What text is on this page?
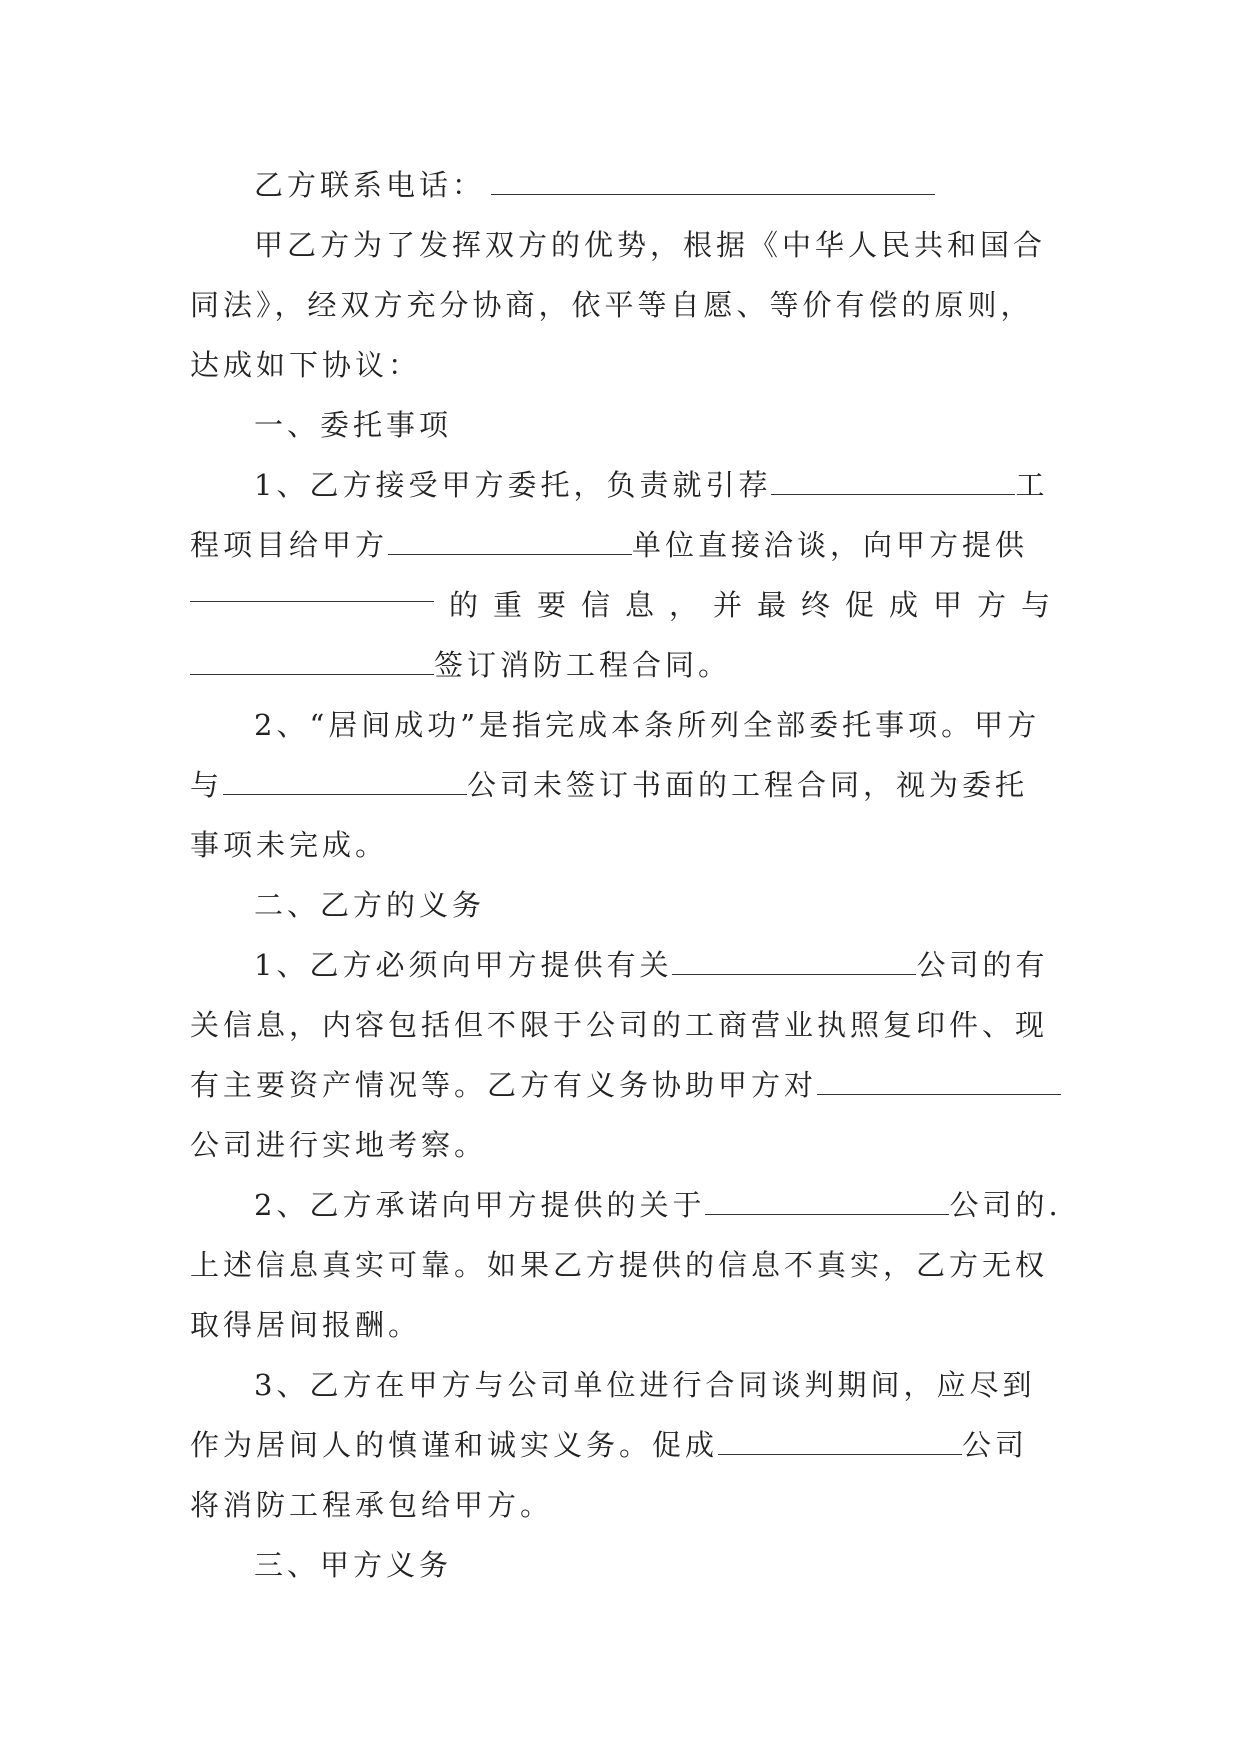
乙方联系电话：
甲乙方为了发挥双方的优势，根据《中华人民共和国合
同法》，经双方充分协商，依平等自愿、等价有偿的原则，
达成如下协议：
一、委托事项
1、乙方接受甲方委托，负责就引荐	工
程项目给甲方	单位直接洽谈，向甲方提供
的 重 要 信 息 ， 并 最 终 促 成 甲 方 与
签订消防工程合同。
2、“居间成功”是指完成本条所列全部委托事项。甲方
与	公司未签订书面的工程合同，视为委托
事项未完成。
二、乙方的义务
1、乙方必须向甲方提供有关	公司的有
关信息，内容包括但不限于公司的工商营业执照复印件、现
有主要资产情况等。乙方有义务协助甲方对
公司进行实地考察。
2、乙方承诺向甲方提供的关于	公司的.
上述信息真实可靠。如果乙方提供的信息不真实，乙方无权
取得居间报酬。
3、乙方在甲方与公司单位进行合同谈判期间，应尽到
作为居间人的慎谨和诚实义务。促成	公司
将消防工程承包给甲方。
三、甲方义务
